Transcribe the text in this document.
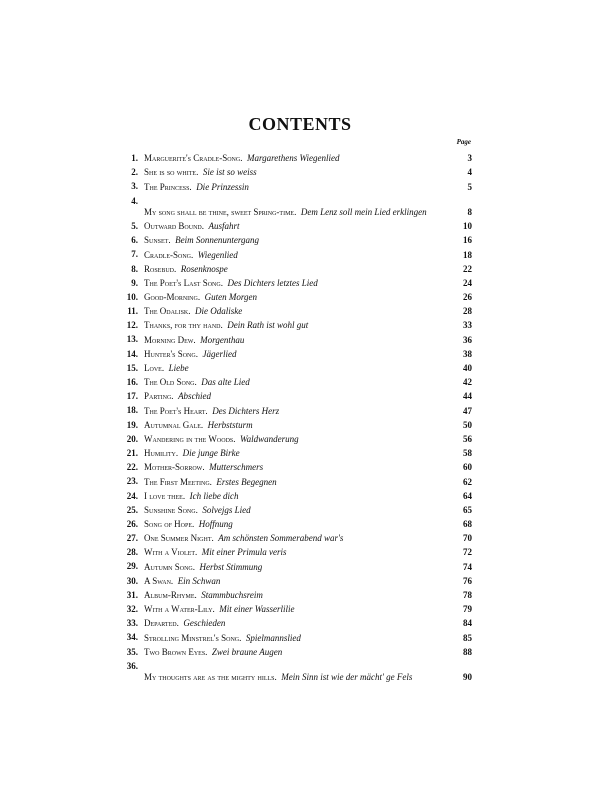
CONTENTS
Page
1. Marguerite's Cradle-Song. Margarethens Wiegenlied	3
2. She is so white. Sie ist so weiss	4
3. The Princess. Die Prinzessin	5
4.
My song shall be thine, sweet Spring-time. Dem Lenz soll mein Lied erklingen	8
5. Outward Bound. Ausfahrt	10
6. Sunset. Beim Sonnenuntergang	16
7. Cradle-Song. Wiegenlied	18
8. Rosebud. Rosenknospe	22
9. The Poet's Last Song. Des Dichters letztes Lied	24
10. Good-Morning. Guten Morgen	26
11. The Odalisk. Die Odaliske	28
12. Thanks, for thy hand. Dein Rath ist wohl gut	33
13. Morning Dew. Morgenthau	36
14. Hunter's Song. Jägerlied	38
15. Love. Liebe	40
16. The Old Song. Das alte Lied	42
17. Parting. Abschied	44
18. The Poet's Heart. Des Dichters Herz	47
19. Autumnal Gale. Herbststurm	50
20. Wandering in the Woods. Waldwanderung	56
21. Humility. Die junge Birke	58
22. Mother-Sorrow. Mutterschmers	60
23. The First Meeting. Erstes Begegnen	62
24. I love thee. Ich liebe dich	64
25. Sunshine Song. Solvejgs Lied	65
26. Song of Hope. Hoffnung	68
27. One Summer Night. Am schönsten Sommerabend war's	70
28. With a Violet. Mit einer Primula veris	72
29. Autumn Song. Herbst Stimmung	74
30. A Swan. Ein Schwan	76
31. Album-Rhyme. Stammbuchsreim	78
32. With a Water-Lily. Mit einer Wasserlilie	79
33. Departed. Geschieden	84
34. Strolling Minstrel's Song. Spielmannslied	85
35. Two Brown Eyes. Zwei braune Augen	88
36.
My thoughts are as the mighty hills. Mein Sinn ist wie der mächt' ge Fels	90
